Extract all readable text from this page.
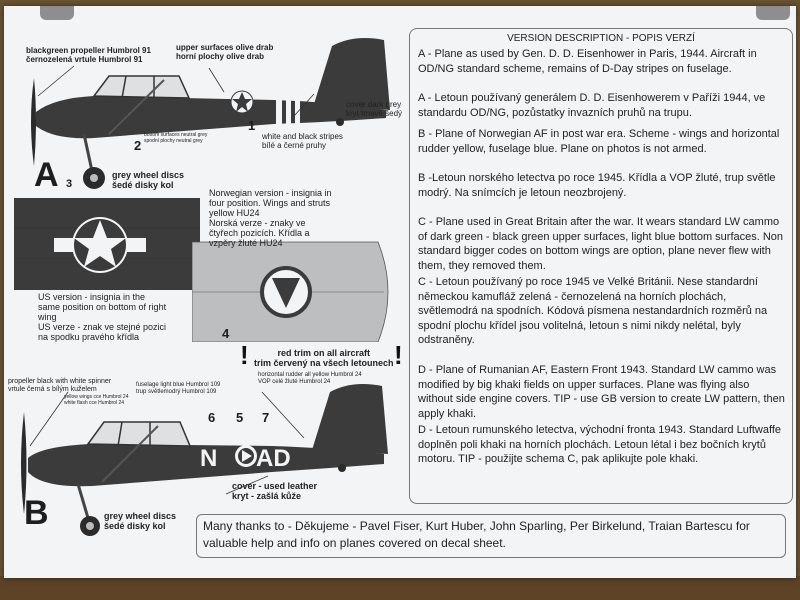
blackgreen propeller Humbrol 91
černozelená vrtule Humbrol 91
upper surfaces olive drab
horní plochy olive drab
bottom surfaces neutral grey
spodní plochy neutral grey
cover dark grey
kryt tmavě šedý
white and black stripes
bílé a černé pruhy
grey wheel discs
šedé disky kol
1
2
3
A
US version - insignia in the
same position on bottom of right
wing
US verze - znak ve stejné pozici
na spodku pravého křídla
Norwegian version - insignia in
four position. Wings and struts
yellow HU24
Norská verze - znaky ve
čtyřech pozicích. Křídla a
vzpěry žluté HU24
4
!	!
red trim on all aircraft
trim červený na všech letounech
N AD
6 5 7
propeller black with white spinner
vrtule černá s bílým kuželem
yellow wings cce Humbrol 24
white flash cce Humbrol 24
fuselage light blue Humbrol 109
trup světlemodrý Humbrol 109
horizontal rudder all yellow Humbrol 24
VOP celé žluté Humbrol 24
cover - used leather
kryt - zašlá kůže
grey wheel discs
šedé disky kol
B
VERSION DESCRIPTION - POPIS VERZÍ
A - Plane as used by Gen. D. D. Eisenhower in Paris, 1944. Aircraft in OD/NG standard scheme, remains of D-Day stripes on fuselage.
A - Letoun používaný generálem D. D. Eisenhowerem v Paříži 1944, ve standardu OD/NG, pozůstatky invazních pruhů na trupu.
B - Plane of Norwegian AF in post war era. Scheme - wings and horizontal rudder yellow, fuselage blue. Plane on photos is not armed.
B -Letoun norského letectva po roce 1945. Křídla a VOP žluté, trup světle modrý. Na snímcích je letoun neozbrojený.
C - Plane used in Great Britain after the war. It wears standard LW cammo of dark green - black green upper surfaces, light blue bottom surfaces. Non standard bigger codes on bottom wings are option, plane never flew with them, they removed them.
C - Letoun používaný po roce 1945 ve Velké Británii. Nese standardní německou kamufláž zelená - černozelená na horních plochách, světlemodrá na spodních. Kódová písmena nestandardních rozměrů na spodní plochu křídel jsou volitelná, letoun s nimi nikdy nelétal, byly odstraněny.
D - Plane of Rumanian AF, Eastern Front 1943. Standard LW cammo was modified by big khaki fields on upper surfaces. Plane was flying also without side engine covers. TIP - use GB version to create LW pattern, then apply khaki.
D - Letoun rumunského letectva, východní fronta 1943. Standard Luftwaffe doplněn poli khaki na horních plochách. Letoun létal i bez bočních krytů motoru. TIP - použijte schema C, pak aplikujte pole khaki.
Many thanks to - Děkujeme - Pavel Fiser, Kurt Huber, John Sparling, Per Birkelund, Traian Bartescu for valuable help and info on planes covered on decal sheet.
